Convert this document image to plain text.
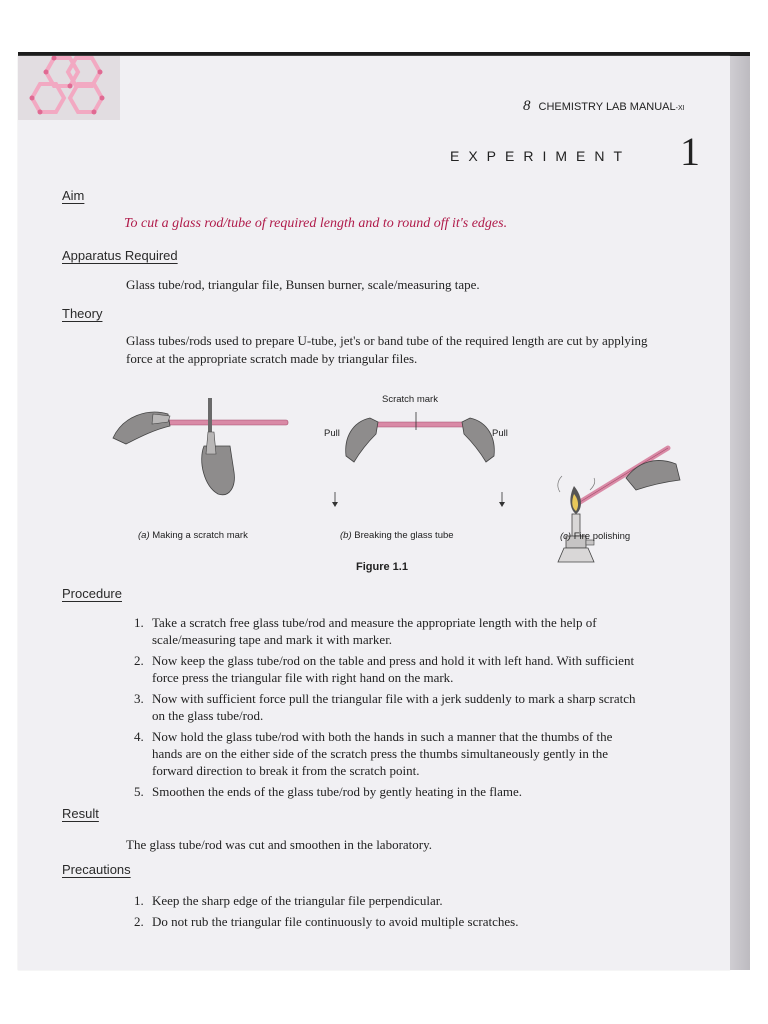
8 CHEMISTRY LAB MANUAL-XI
EXPERIMENT 1
Aim
To cut a glass rod/tube of required length and to round off it's edges.
Apparatus Required
Glass tube/rod, triangular file, Bunsen burner, scale/measuring tape.
Theory
Glass tubes/rods used to prepare U-tube, jet's or band tube of the required length are cut by applying
force at the appropriate scratch made by triangular files.
Scratch mark
Pull	Pull
(a) Making a scratch mark	(b) Breaking the glass tube	(c) Fire polishing
Figure 1.1
Procedure
1. Take a scratch free glass tube/rod and measure the appropriate length with the help of
scale/measuring tape and mark it with marker.
2. Now keep the glass tube/rod on the table and press and hold it with left hand. With sufficient
force press the triangular file with right hand on the mark.
3. Now with sufficient force pull the triangular file with a jerk suddenly to mark a sharp scratch
on the glass tube/rod.
4. Now hold the glass tube/rod with both the hands in such a manner that the thumbs of the
hands are on the either side of the scratch press the thumbs simultaneously gently in the
forward direction to break it from the scratch point.
5. Smoothen the ends of the glass tube/rod by gently heating in the flame.
Result
The glass tube/rod was cut and smoothen in the laboratory.
Precautions
1. Keep the sharp edge of the triangular file perpendicular.
2. Do not rub the triangular file continuously to avoid multiple scratches.
